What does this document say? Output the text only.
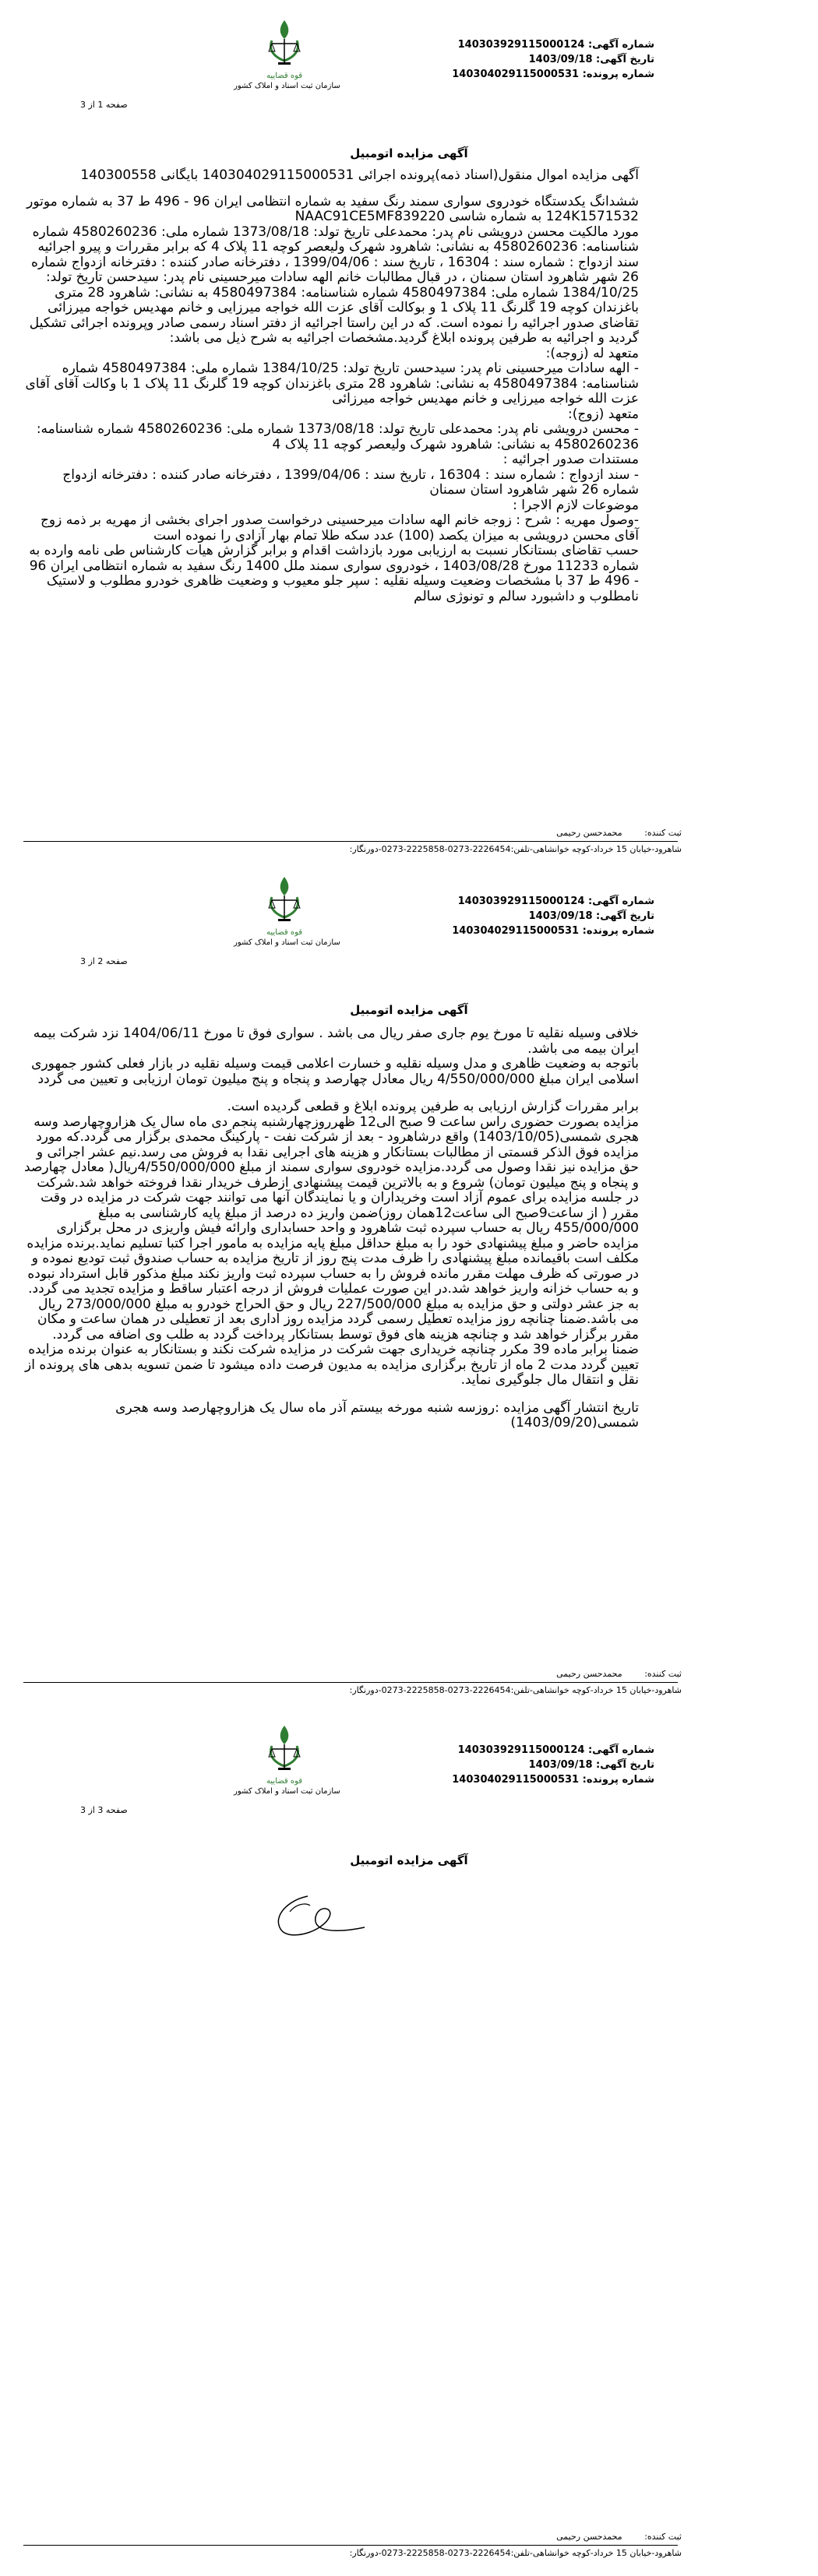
قوه قضاییه
سازمان ثبت اسناد و املاک کشور
شماره آگهی: 140303929115000124
تاریخ آگهی: 1403/09/18
شماره پرونده: 140304029115000531
صفحه 1 از 3
آگهی مزایده اتومبیل

آگهی مزایده اموال منقول(اسناد ذمه)پرونده اجرائی 140304029115000531 بایگانی 140300558

ششدانگ یکدستگاه خودروی سواری سمند رنگ سفید به شماره انتظامی ایران 96 - 496 ط 37 به شماره موتور 124K1571532 به شماره شاسی NAAC91CE5MF839220

مورد مالکیت محسن درویشی نام پدر: محمدعلی تاریخ تولد: 1373/08/18 شماره ملی: 4580260236 شماره شناسنامه: 4580260236 به نشانی: شاهرود شهرک ولیعصر کوچه 11 پلاک 4 که برابر مقررات و پیرو اجرائیه سند ازدواج : شماره سند : 16304 ، تاریخ سند : 1399/04/06 ، دفترخانه صادر کننده : دفترخانه ازدواج شماره 26 شهر شاهرود استان سمنان ، در قبال مطالبات خانم الهه سادات میرحسینی نام پدر: سیدحسن تاریخ تولد: 1384/10/25 شماره ملی: 4580497384 شماره شناسنامه: 4580497384 به نشانی: شاهرود 28 متری باغزندان کوچه 19 گلرنگ 11 پلاک 1 و بوکالت آقای عزت الله خواجه میرزایی و خانم مهدیس خواجه میرزائی تقاضای صدور اجرائیه را نموده است. که در این راستا اجرائیه از دفتر اسناد رسمی صادر وپرونده اجرائی تشکیل گردید و اجرائیه به طرفین پرونده ابلاغ گردید.مشخصات اجرائیه به شرح ذیل می باشد:

متعهد له (زوجه):

- الهه سادات میرحسینی نام پدر: سیدحسن تاریخ تولد: 1384/10/25 شماره ملی: 4580497384 شماره شناسنامه: 4580497384 به نشانی: شاهرود 28 متری باغزندان کوچه 19 گلرنگ 11 پلاک 1 با وکالت آقای آقای عزت الله خواجه میرزایی و خانم مهدیس خواجه میرزائی

متعهد (زوج):

- محسن درویشی نام پدر: محمدعلی تاریخ تولد: 1373/08/18 شماره ملی: 4580260236 شماره شناسنامه: 4580260236 به نشانی: شاهرود شهرک ولیعصر کوچه 11 پلاک 4

مستندات صدور اجرائیه :

- سند ازدواج : شماره سند : 16304 ، تاریخ سند : 1399/04/06 ، دفترخانه صادر کننده : دفترخانه ازدواج شماره 26 شهر شاهرود استان سمنان

موضوعات لازم الاجرا :

-وصول مهریه : شرح : زوجه خانم الهه سادات میرحسینی درخواست صدور اجرای بخشی از مهریه بر ذمه زوج آقای محسن درویشی به میزان یکصد (100) عدد سکه طلا تمام بهار آزادی را نموده است

حسب تقاضای بستانکار نسبت به ارزیابی مورد بازداشت اقدام و برابر گزارش هیات کارشناس طی نامه وارده به شماره 11233 مورخ 1403/08/28 ، خودروی سواری سمند ملل 1400 رنگ سفید به شماره انتظامی ایران 96 - 496 ط 37 با مشخصات وضعیت وسیله نقلیه : سپر جلو معیوب و وضعیت ظاهری خودرو مطلوب و لاستیک نامطلوب و داشبورد سالم و تونوژی سالم

ثبت کننده: محمدحسن رحیمی
شاهرود-خیابان 15 خرداد-کوچه خوانشاهی-تلفن:2226454-0273-2225858-0273-دورنگار:
قوه قضاییه
سازمان ثبت اسناد و املاک کشور
شماره آگهی: 140303929115000124
تاریخ آگهی: 1403/09/18
شماره پرونده: 140304029115000531
صفحه 2 از 3
آگهی مزایده اتومبیل

خلافی وسیله نقلیه تا مورخ یوم جاری صفر ریال می باشد . سواری فوق تا مورخ 1404/06/11 نزد شرکت بیمه ایران بیمه می باشد.

باتوجه به وضعیت ظاهری و مدل وسیله نقلیه و خسارت اعلامی قیمت وسیله نقلیه در بازار فعلی کشور جمهوری اسلامی ایران مبلغ 4/550/000/000 ریال معادل چهارصد و پنجاه و پنج میلیون تومان ارزیابی و تعیین می گردد

برابر مقررات گزارش ارزیابی به طرفین پرونده ابلاغ و قطعی گردیده است.

مزایده بصورت حضوری راس ساعت 9 صبح الی12 ظهرروزچهارشنبه پنجم دی ماه سال یک هزاروچهارصد وسه هجری شمسی(1403/10/05) واقع درشاهرود - بعد از شرکت نفت - پارکینگ محمدی برگزار می گردد.که مورد مزایده فوق الذکر قسمتی از مطالبات بستانکار و هزینه های اجرایی نقدا به فروش می رسد.نیم عشر اجرائی و حق مزایده نیز نقدا وصول می گردد.مزایده خودروی سواری سمند از مبلغ 4/550/000/000ریال( معادل چهارصد و پنجاه و پنج میلیون تومان) شروع و به بالاترین قیمت پیشنهادی ازطرف خریدار نقدا فروخته خواهد شد.شرکت در جلسه مزایده برای عموم آزاد است وخریداران و یا نمایندگان آنها می توانند جهت شرکت در مزایده در وقت مقرر ( از ساعت9صبح الی ساعت12همان روز)ضمن واریز ده درصد از مبلغ پایه کارشناسی به مبلغ 455/000/000 ریال به حساب سپرده ثبت شاهرود و واحد حسابداری وارائه فیش واریزی در محل برگزاری مزایده حاضر و مبلغ پیشنهادی خود را به مبلغ حداقل مبلغ پایه مزایده به مامور اجرا کتبا تسلیم نماید.برنده مزایده مکلف است باقیمانده مبلغ پیشنهادی را ظرف مدت پنج روز از تاریخ مزایده به حساب صندوق ثبت تودیع نموده و در صورتی که ظرف مهلت مقرر مانده فروش را به حساب سپرده ثبت واریز نکند مبلغ مذکور قابل استرداد نبوده و به حساب خزانه واریز خواهد شد.در این صورت عملیات فروش از درجه اعتبار ساقط و مزایده تجدید می گردد. به جز عشر دولتی و حق مزایده به مبلغ 227/500/000 ریال و حق الحراج خودرو به مبلغ 273/000/000 ریال می باشد.ضمنا چنانچه روز مزایده تعطیل رسمی گردد مزایده روز اداری بعد از تعطیلی در همان ساعت و مکان مقرر برگزار خواهد شد و چنانچه هزینه های فوق توسط بستانکار پرداخت گردد به طلب وی اضافه می گردد.

ضمنا برابر ماده 39 مکرر چنانچه خریداری جهت شرکت در مزایده شرکت نکند و بستانکار به عنوان برنده مزایده تعیین گردد مدت 2 ماه از تاریخ برگزاری مزایده به مدیون فرصت داده میشود تا ضمن تسویه بدهی های پرونده از نقل و انتقال مال جلوگیری نماید.

تاریخ انتشار آگهی مزایده :روزسه شنبه مورخه بیستم آذر ماه سال یک هزاروچهارصد وسه هجری شمسی(1403/09/20)

ثبت کننده: محمدحسن رحیمی
شاهرود-خیابان 15 خرداد-کوچه خوانشاهی-تلفن:2226454-0273-2225858-0273-دورنگار:
قوه قضاییه
سازمان ثبت اسناد و املاک کشور
شماره آگهی: 140303929115000124
تاریخ آگهی: 1403/09/18
شماره پرونده: 140304029115000531
صفحه 3 از 3
آگهی مزایده اتومبیل
ثبت کننده: محمدحسن رحیمی
شاهرود-خیابان 15 خرداد-کوچه خوانشاهی-تلفن:2226454-0273-2225858-0273-دورنگار:
